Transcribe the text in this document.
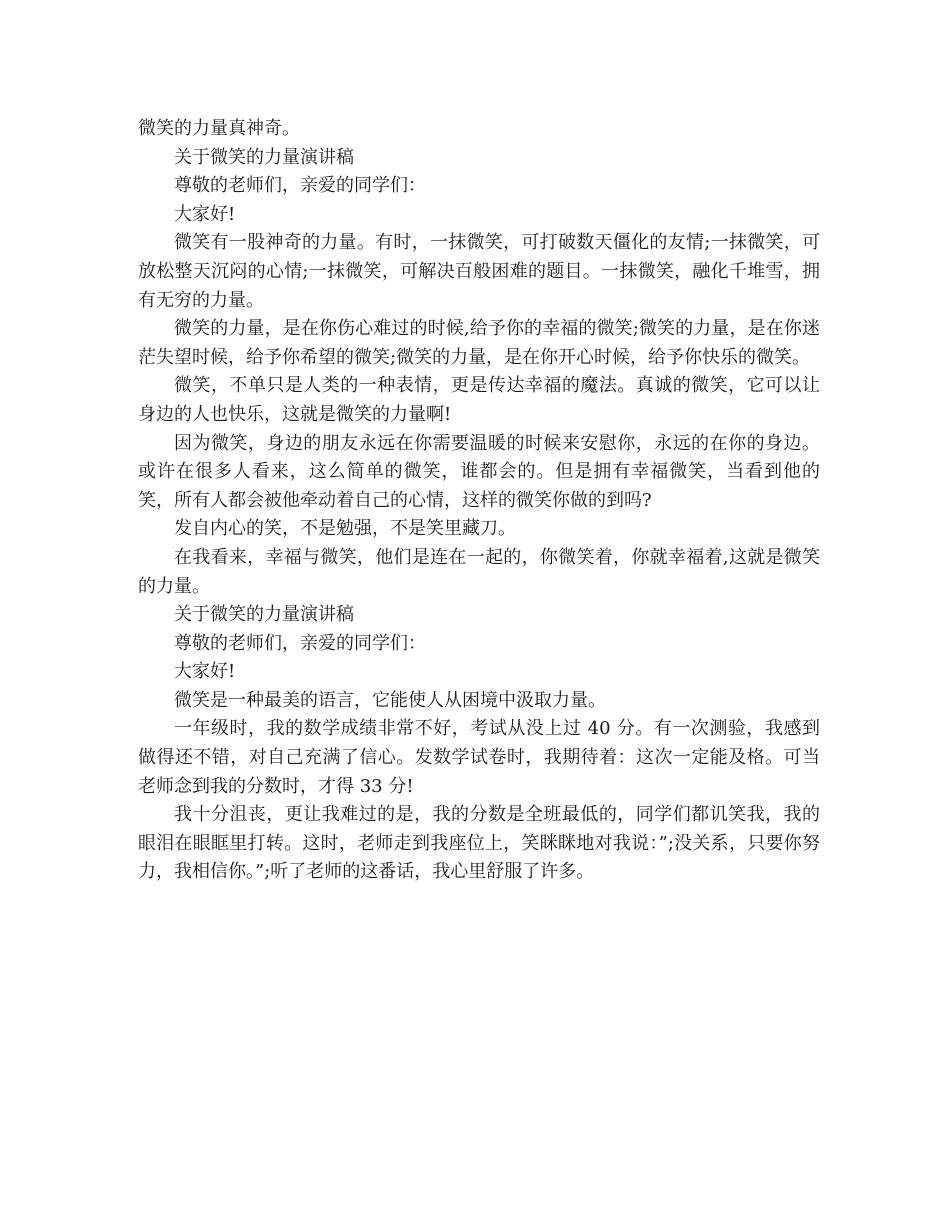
微笑的力量真神奇。

关于微笑的力量演讲稿

尊敬的老师们，亲爱的同学们：

大家好!

微笑有一股神奇的力量。有时，一抹微笑，可打破数天僵化的友情;一抹微笑，可放松整天沉闷的心情;一抹微笑，可解决百般困难的题目。一抹微笑，融化千堆雪，拥有无穷的力量。

微笑的力量，是在你伤心难过的时候,给予你的幸福的微笑;微笑的力量，是在你迷茫失望时候，给予你希望的微笑;微笑的力量，是在你开心时候，给予你快乐的微笑。

微笑，不单只是人类的一种表情，更是传达幸福的魔法。真诚的微笑，它可以让身边的人也快乐，这就是微笑的力量啊!

因为微笑，身边的朋友永远在你需要温暖的时候来安慰你，永远的在你的身边。或许在很多人看来，这么简单的微笑，谁都会的。但是拥有幸福微笑，当看到他的笑，所有人都会被他牵动着自己的心情，这样的微笑你做的到吗?

发自内心的笑，不是勉强，不是笑里藏刀。

在我看来，幸福与微笑，他们是连在一起的，你微笑着，你就幸福着,这就是微笑的力量。

关于微笑的力量演讲稿

尊敬的老师们，亲爱的同学们：

大家好!

微笑是一种最美的语言，它能使人从困境中汲取力量。

一年级时，我的数学成绩非常不好，考试从没上过 40 分。有一次测验，我感到做得还不错，对自己充满了信心。发数学试卷时，我期待着：这次一定能及格。可当老师念到我的分数时，才得 33 分!

我十分沮丧，更让我难过的是，我的分数是全班最低的，同学们都讥笑我，我的眼泪在眼眶里打转。这时，老师走到我座位上，笑眯眯地对我说：”;没关系，只要你努力，我相信你。”;听了老师的这番话，我心里舒服了许多。
